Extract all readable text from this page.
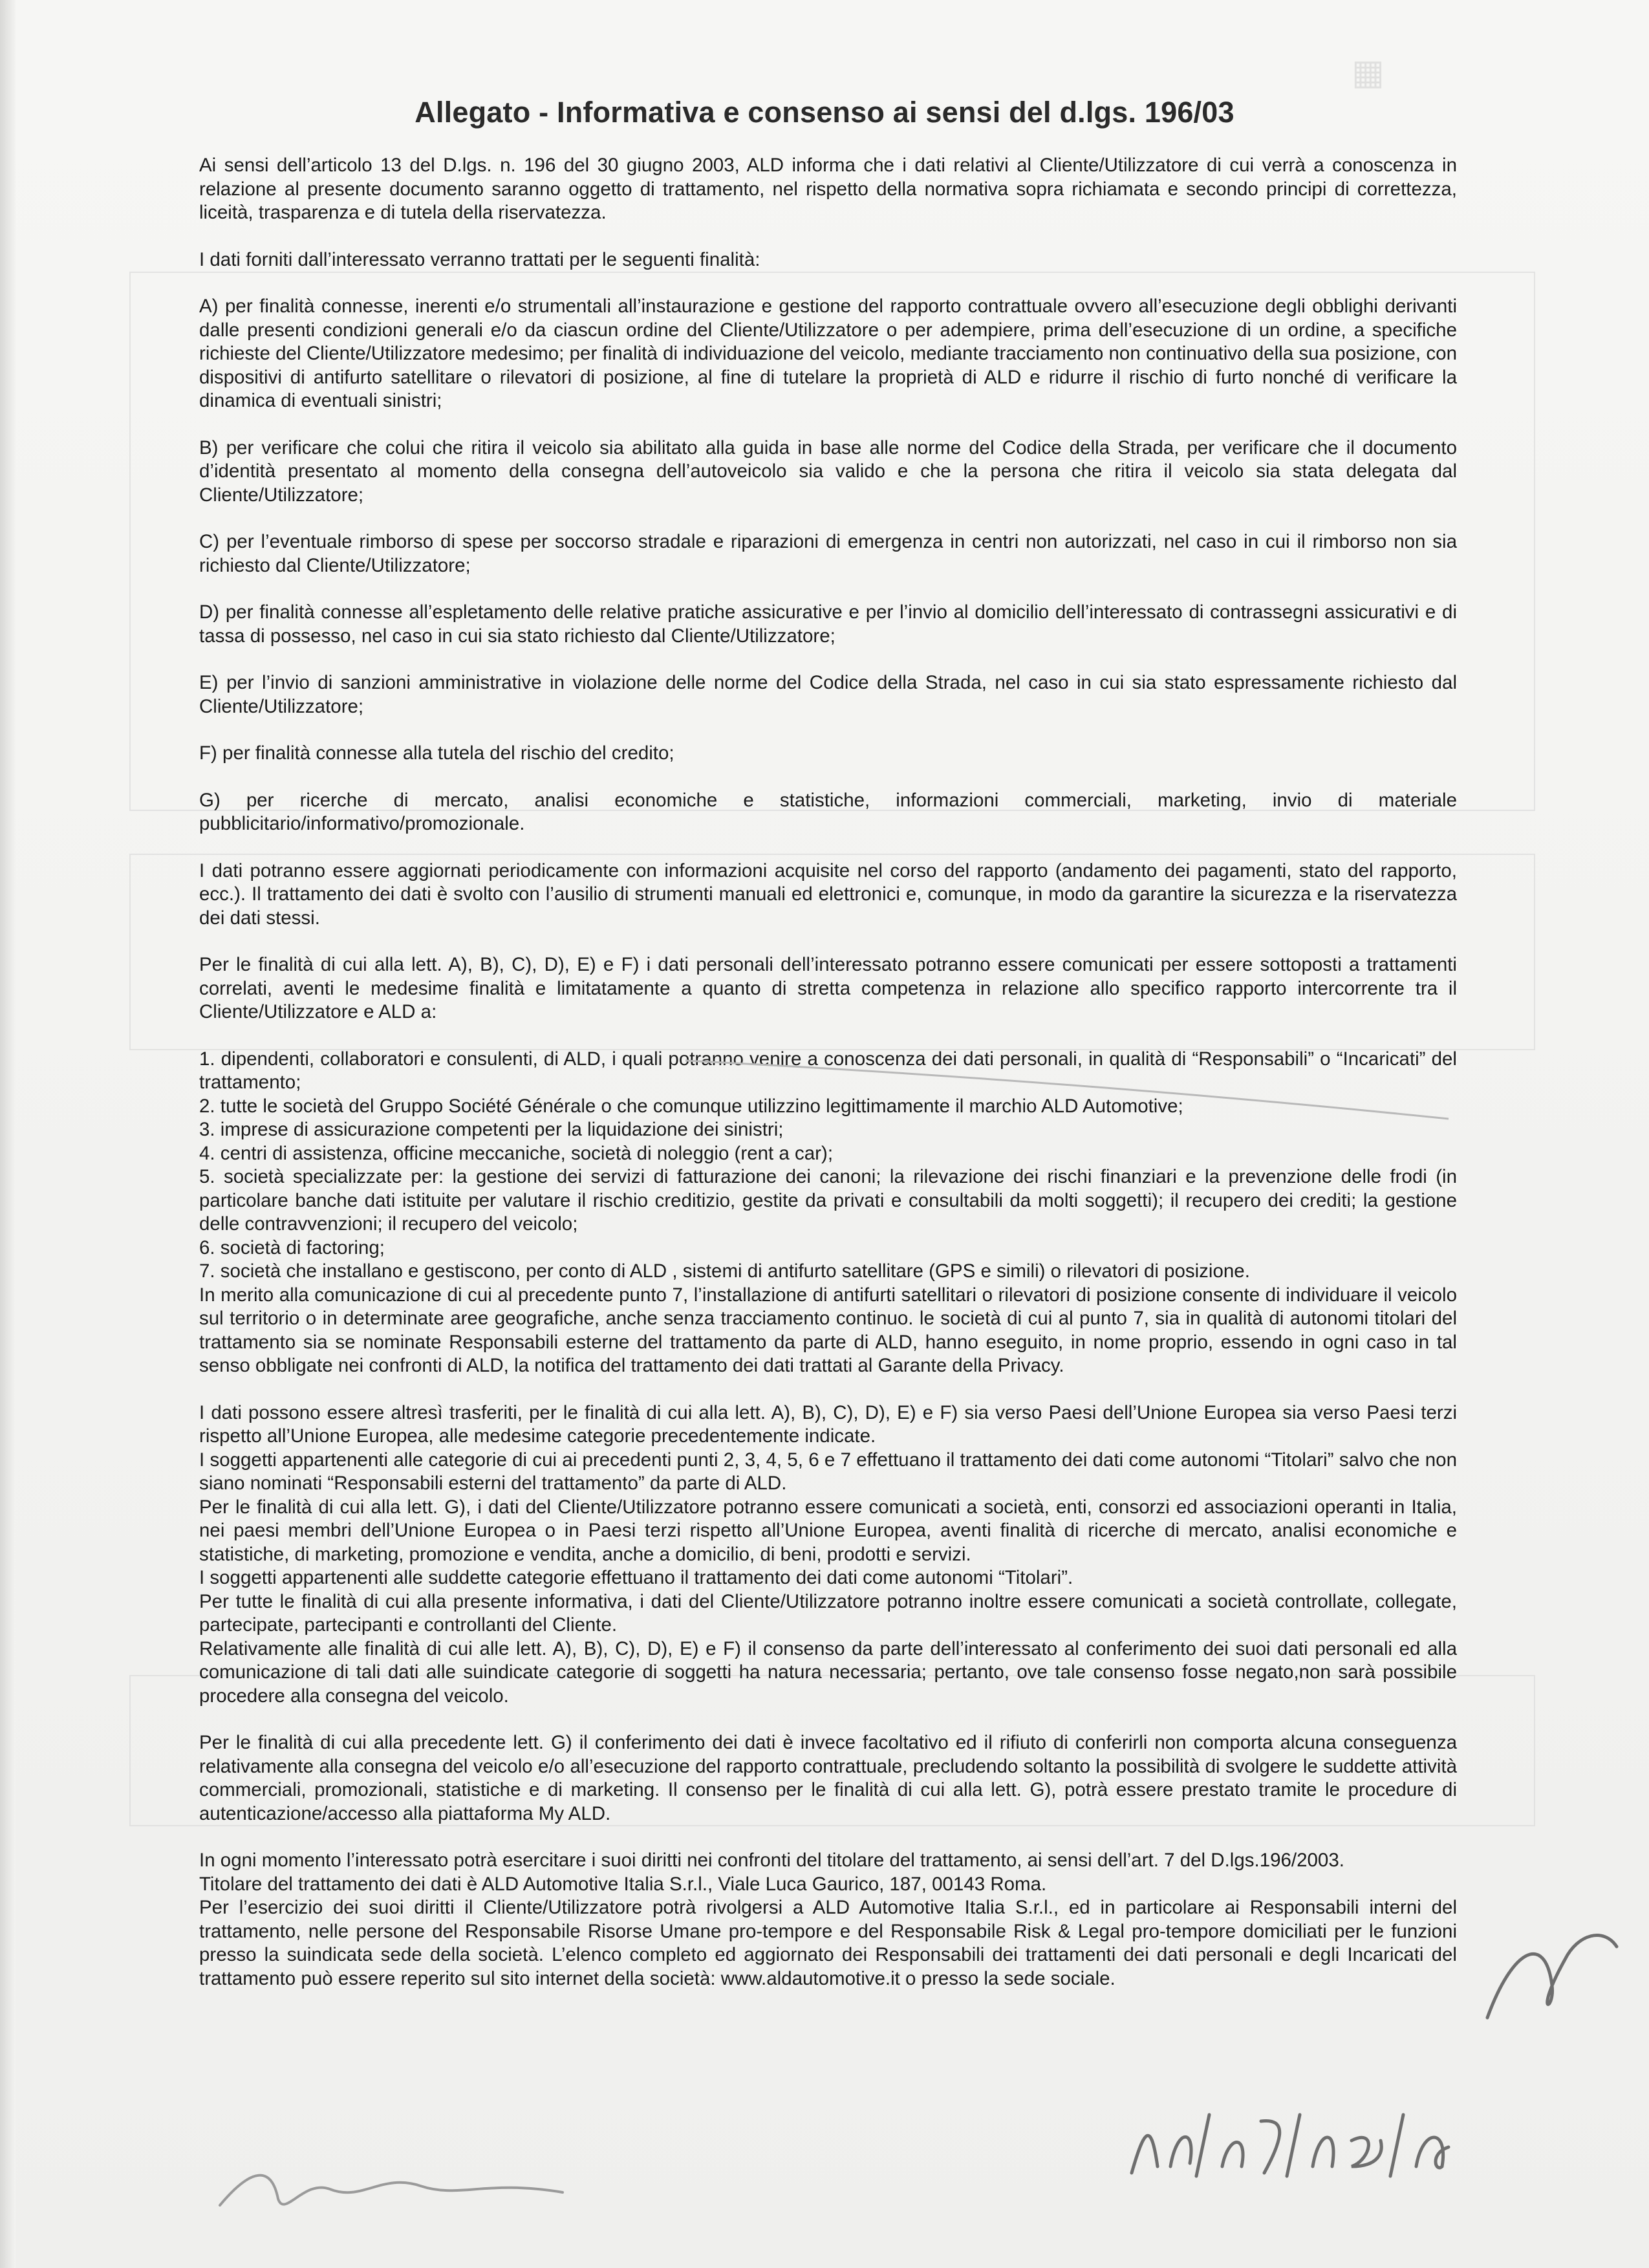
▦
Allegato - Informativa e consenso ai sensi del d.lgs. 196/03

Ai sensi dell’articolo 13 del D.lgs. n. 196 del 30 giugno 2003, ALD informa che i dati relativi al Cliente/Utilizzatore di cui verrà a conoscenza in relazione al presente documento saranno oggetto di trattamento, nel rispetto della normativa sopra richiamata e secondo principi di correttezza, liceità, trasparenza e di tutela della riservatezza.

I dati forniti dall’interessato verranno trattati per le seguenti finalità:

A) per finalità connesse, inerenti e/o strumentali all’instaurazione e gestione del rapporto contrattuale ovvero all’esecuzione degli obblighi derivanti dalle presenti condizioni generali e/o da ciascun ordine del Cliente/Utilizzatore o per adempiere, prima dell’esecuzione di un ordine, a specifiche richieste del Cliente/Utilizzatore medesimo; per finalità di individuazione del veicolo, mediante tracciamento non continuativo della sua posizione, con dispositivi di antifurto satellitare o rilevatori di posizione, al fine di tutelare la proprietà di ALD e ridurre il rischio di furto nonché di verificare la dinamica di eventuali sinistri;

B) per verificare che colui che ritira il veicolo sia abilitato alla guida in base alle norme del Codice della Strada, per verificare che il documento d’identità presentato al momento della consegna dell’autoveicolo sia valido e che la persona che ritira il veicolo sia stata delegata dal Cliente/Utilizzatore;

C) per l’eventuale rimborso di spese per soccorso stradale e riparazioni di emergenza in centri non autorizzati, nel caso in cui il rimborso non sia richiesto dal Cliente/Utilizzatore;

D) per finalità connesse all’espletamento delle relative pratiche assicurative e per l’invio al domicilio dell’interessato di contrassegni assicurativi e di tassa di possesso, nel caso in cui sia stato richiesto dal Cliente/Utilizzatore;

E) per l’invio di sanzioni amministrative in violazione delle norme del Codice della Strada, nel caso in cui sia stato espressamente richiesto dal Cliente/Utilizzatore;

F) per finalità connesse alla tutela del rischio del credito;

G) per ricerche di mercato, analisi economiche e statistiche, informazioni commerciali, marketing, invio di materiale pubblicitario/informativo/promozionale.

I dati potranno essere aggiornati periodicamente con informazioni acquisite nel corso del rapporto (andamento dei pagamenti, stato del rapporto, ecc.). Il trattamento dei dati è svolto con l’ausilio di strumenti manuali ed elettronici e, comunque, in modo da garantire la sicurezza e la riservatezza dei dati stessi.

Per le finalità di cui alla lett. A), B), C), D), E) e F) i dati personali dell’interessato potranno essere comunicati per essere sottoposti a trattamenti correlati, aventi le medesime finalità e limitatamente a quanto di stretta competenza in relazione allo specifico rapporto intercorrente tra il Cliente/Utilizzatore e ALD a:

1. dipendenti, collaboratori e consulenti, di ALD, i quali potranno venire a conoscenza dei dati personali, in qualità di “Responsabili” o “Incaricati” del trattamento;

2. tutte le società del Gruppo Société Générale o che comunque utilizzino legittimamente il marchio ALD Automotive;

3. imprese di assicurazione competenti per la liquidazione dei sinistri;

4. centri di assistenza, officine meccaniche, società di noleggio (rent a car);

5. società specializzate per: la gestione dei servizi di fatturazione dei canoni; la rilevazione dei rischi finanziari e la prevenzione delle frodi (in particolare banche dati istituite per valutare il rischio creditizio, gestite da privati e consultabili da molti soggetti); il recupero dei crediti; la gestione delle contravvenzioni; il recupero del veicolo;

6. società di factoring;

7. società che installano e gestiscono, per conto di ALD , sistemi di antifurto satellitare (GPS e simili) o rilevatori di posizione.

In merito alla comunicazione di cui al precedente punto 7, l’installazione di antifurti satellitari o rilevatori di posizione consente di individuare il veicolo sul territorio o in determinate aree geografiche, anche senza tracciamento continuo. le società di cui al punto 7, sia in qualità di autonomi titolari del trattamento sia se nominate Responsabili esterne del trattamento da parte di ALD, hanno eseguito, in nome proprio, essendo in ogni caso in tal senso obbligate nei confronti di ALD, la notifica del trattamento dei dati trattati al Garante della Privacy.

I dati possono essere altresì trasferiti, per le finalità di cui alla lett. A), B), C), D), E) e F) sia verso Paesi dell’Unione Europea sia verso Paesi terzi rispetto all’Unione Europea, alle medesime categorie precedentemente indicate.

I soggetti appartenenti alle categorie di cui ai precedenti punti 2, 3, 4, 5, 6 e 7 effettuano il trattamento dei dati come autonomi “Titolari” salvo che non siano nominati “Responsabili esterni del trattamento” da parte di ALD.

Per le finalità di cui alla lett. G), i dati del Cliente/Utilizzatore potranno essere comunicati a società, enti, consorzi ed associazioni operanti in Italia, nei paesi membri dell’Unione Europea o in Paesi terzi rispetto all’Unione Europea, aventi finalità di ricerche di mercato, analisi economiche e statistiche, di marketing, promozione e vendita, anche a domicilio, di beni, prodotti e servizi.

I soggetti appartenenti alle suddette categorie effettuano il trattamento dei dati come autonomi “Titolari”.

Per tutte le finalità di cui alla presente informativa, i dati del Cliente/Utilizzatore potranno inoltre essere comunicati a società controllate, collegate, partecipate, partecipanti e controllanti del Cliente.

Relativamente alle finalità di cui alle lett. A), B), C), D), E) e F) il consenso da parte dell’interessato al conferimento dei suoi dati personali ed alla comunicazione di tali dati alle suindicate categorie di soggetti ha natura necessaria; pertanto, ove tale consenso fosse negato,non sarà possibile procedere alla consegna del veicolo.

Per le finalità di cui alla precedente lett. G) il conferimento dei dati è invece facoltativo ed il rifiuto di conferirli non comporta alcuna conseguenza relativamente alla consegna del veicolo e/o all’esecuzione del rapporto contrattuale, precludendo soltanto la possibilità di svolgere le suddette attività commerciali, promozionali, statistiche e di marketing. Il consenso per le finalità di cui alla lett. G), potrà essere prestato tramite le procedure di autenticazione/accesso alla piattaforma My ALD.

In ogni momento l’interessato potrà esercitare i suoi diritti nei confronti del titolare del trattamento, ai sensi dell’art. 7 del D.lgs.196/2003.

Titolare del trattamento dei dati è ALD Automotive Italia S.r.l., Viale Luca Gaurico, 187, 00143 Roma.

Per l’esercizio dei suoi diritti il Cliente/Utilizzatore potrà rivolgersi a ALD Automotive Italia S.r.l., ed in particolare ai Responsabili interni del trattamento, nelle persone del Responsabile Risorse Umane pro-tempore e del Responsabile Risk & Legal pro-tempore domiciliati per le funzioni presso la suindicata sede della società. L’elenco completo ed aggiornato dei Responsabili dei trattamenti dei dati personali e degli Incaricati del trattamento può essere reperito sul sito internet della società: www.aldautomotive.it o presso la sede sociale.
